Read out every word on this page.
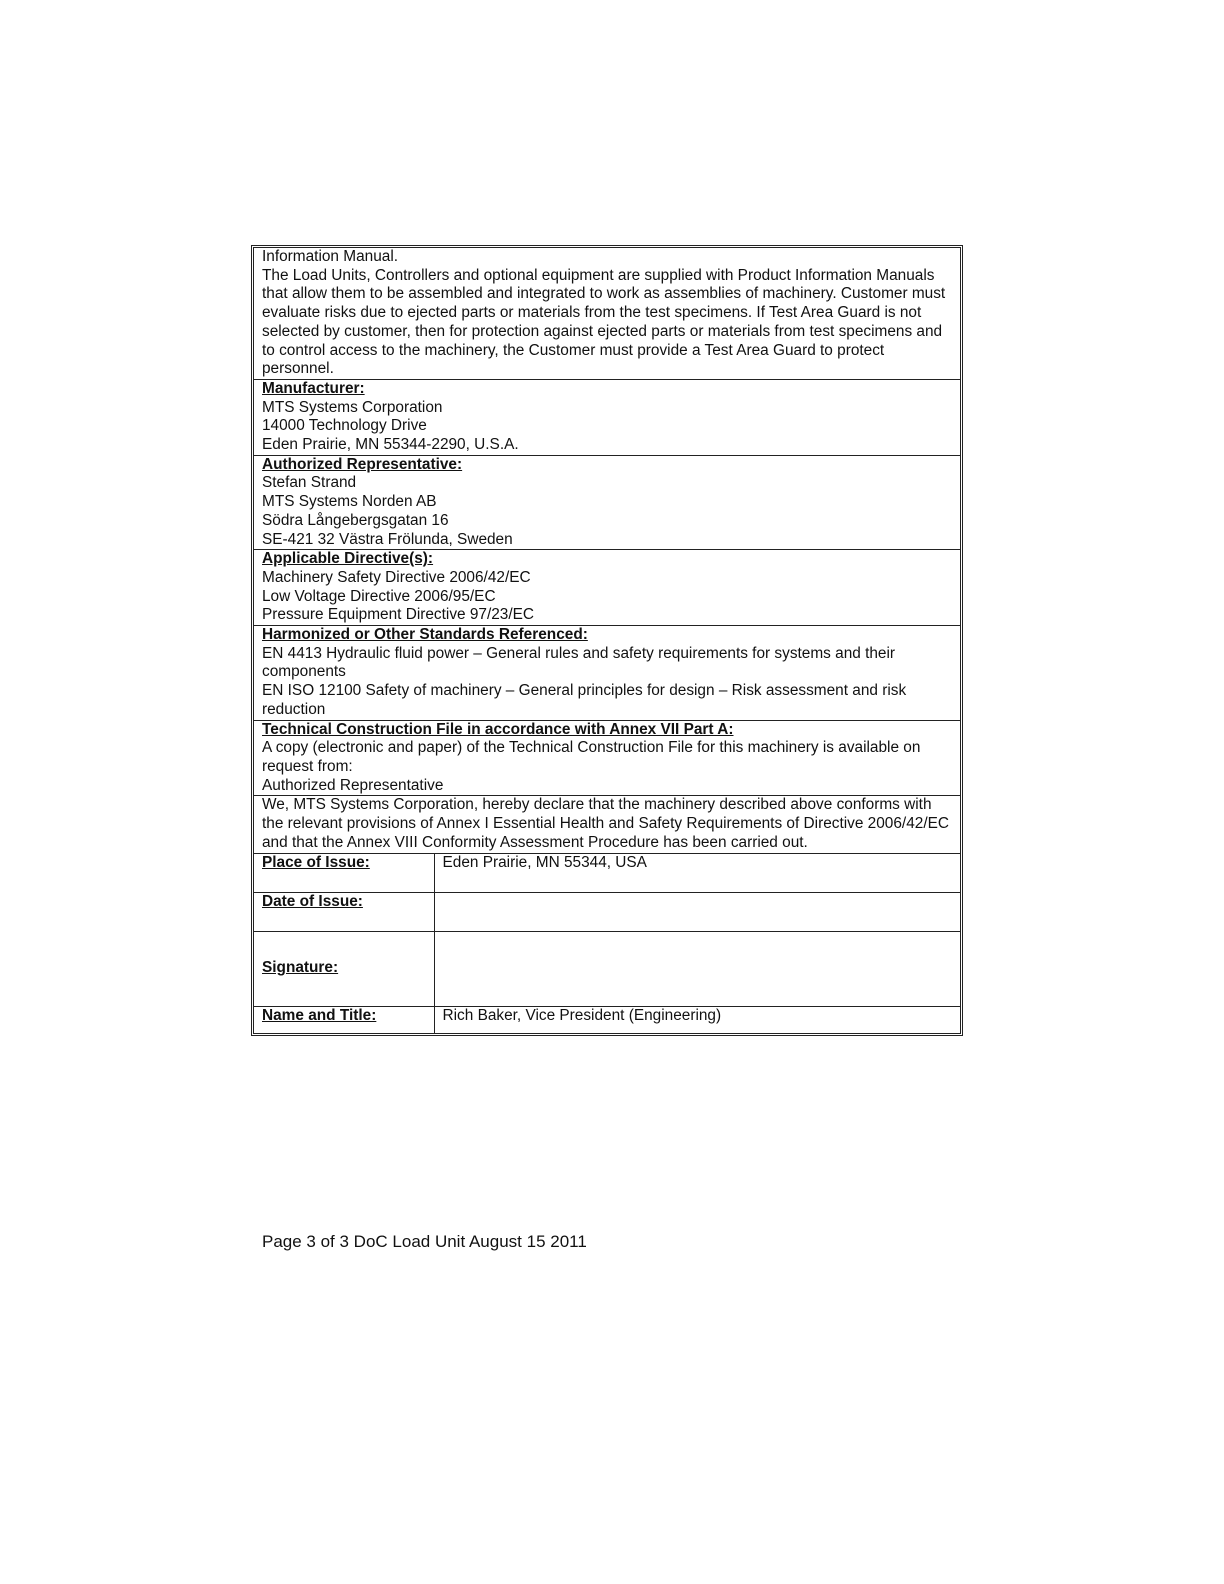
Information Manual.
The Load Units, Controllers and optional equipment are supplied with Product Information Manuals that allow them to be assembled and integrated to work as assemblies of machinery. Customer must evaluate risks due to ejected parts or materials from the test specimens. If Test Area Guard is not selected by customer, then for protection against ejected parts or materials from test specimens and to control access to the machinery, the Customer must provide a Test Area Guard to protect personnel.	

Manufacturer:
MTS Systems Corporation
14000 Technology Drive
Eden Prairie, MN 55344-2290, U.S.A.	

Authorized Representative:
Stefan Strand
MTS Systems Norden AB
Södra Långebergsgatan 16
SE-421 32 Västra Frölunda, Sweden	

Applicable Directive(s):
Machinery Safety Directive 2006/42/EC
Low Voltage Directive 2006/95/EC
Pressure Equipment Directive 97/23/EC	

Harmonized or Other Standards Referenced:
EN 4413 Hydraulic fluid power – General rules and safety requirements for systems and their components
EN ISO 12100 Safety of machinery – General principles for design – Risk assessment and risk reduction	

Technical Construction File in accordance with Annex VII Part A:
A copy (electronic and paper) of the Technical Construction File for this machinery is available on request from:
Authorized Representative	

We, MTS Systems Corporation, hereby declare that the machinery described above conforms with the relevant provisions of Annex I Essential Health and Safety Requirements of Directive 2006/42/EC and that the Annex VIII Conformity Assessment Procedure has been carried out.	

Place of Issue:	Eden Prairie, MN 55344, USA
Date of Issue:	
Signature:	
Name and Title:	Rich Baker, Vice President (Engineering)
Page 3 of 3 DoC Load Unit August 15 2011
